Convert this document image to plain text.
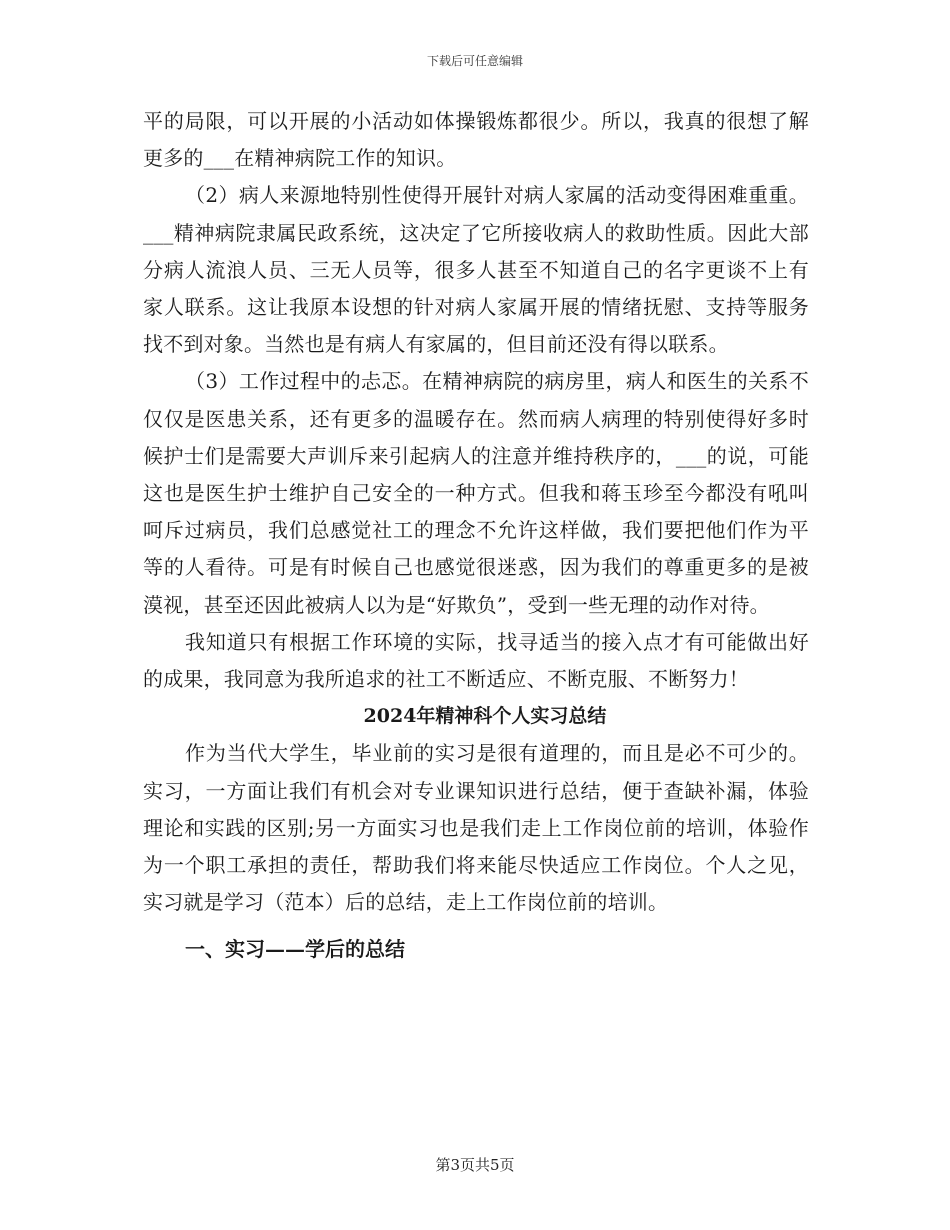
下载后可任意编辑

平的局限，可以开展的小活动如体操锻炼都很少。所以，我真的很想了解更多的___在精神病院工作的知识。

（2）病人来源地特别性使得开展针对病人家属的活动变得困难重重。___精神病院隶属民政系统，这决定了它所接收病人的救助性质。因此大部分病人流浪人员、三无人员等，很多人甚至不知道自己的名字更谈不上有家人联系。这让我原本设想的针对病人家属开展的情绪抚慰、支持等服务找不到对象。当然也是有病人有家属的，但目前还没有得以联系。

（3）工作过程中的忐忑。在精神病院的病房里，病人和医生的关系不仅仅是医患关系，还有更多的温暖存在。然而病人病理的特别使得好多时候护士们是需要大声训斥来引起病人的注意并维持秩序的，___的说，可能这也是医生护士维护自己安全的一种方式。但我和蒋玉珍至今都没有吼叫呵斥过病员，我们总感觉社工的理念不允许这样做，我们要把他们作为平等的人看待。可是有时候自己也感觉很迷惑，因为我们的尊重更多的是被漠视，甚至还因此被病人以为是“好欺负”，受到一些无理的动作对待。

我知道只有根据工作环境的实际，找寻适当的接入点才有可能做出好的成果，我同意为我所追求的社工不断适应、不断克服、不断努力！

2024年精神科个人实习总结

作为当代大学生，毕业前的实习是很有道理的，而且是必不可少的。实习，一方面让我们有机会对专业课知识进行总结，便于查缺补漏，体验理论和实践的区别;另一方面实习也是我们走上工作岗位前的培训，体验作为一个职工承担的责任，帮助我们将来能尽快适应工作岗位。个人之见，实习就是学习（范本）后的总结，走上工作岗位前的培训。

一、实习——学后的总结

第3页共5页
